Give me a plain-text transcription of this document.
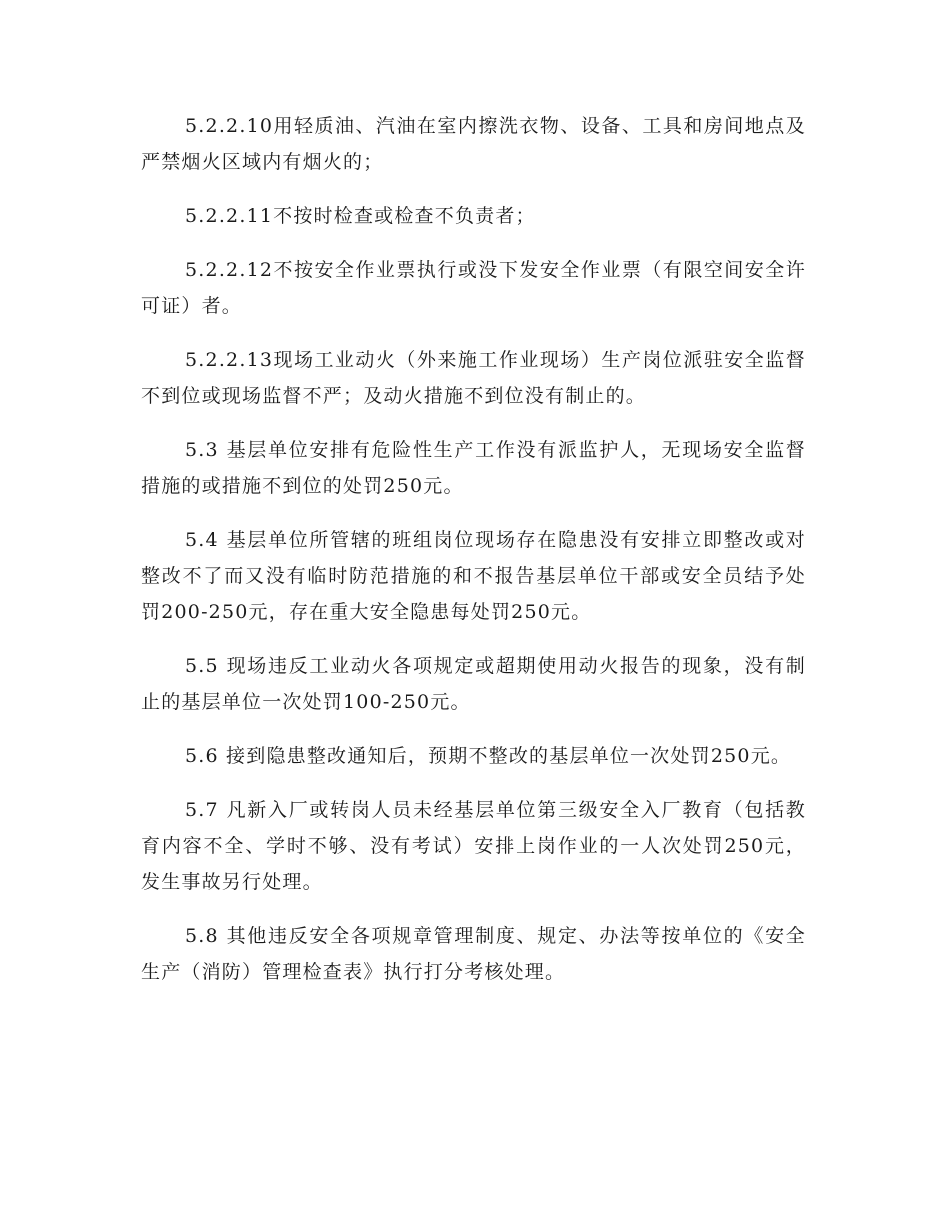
5.2.2.10用轻质油、汽油在室内擦洗衣物、设备、工具和房间地点及严禁烟火区域内有烟火的；

5.2.2.11不按时检查或检查不负责者；

5.2.2.12不按安全作业票执行或没下发安全作业票（有限空间安全许可证）者。

5.2.2.13现场工业动火（外来施工作业现场）生产岗位派驻安全监督不到位或现场监督不严；及动火措施不到位没有制止的。

5.3 基层单位安排有危险性生产工作没有派监护人，无现场安全监督措施的或措施不到位的处罚250元。

5.4 基层单位所管辖的班组岗位现场存在隐患没有安排立即整改或对整改不了而又没有临时防范措施的和不报告基层单位干部或安全员结予处罚200-250元，存在重大安全隐患每处罚250元。

5.5 现场违反工业动火各项规定或超期使用动火报告的现象，没有制止的基层单位一次处罚100-250元。

5.6 接到隐患整改通知后，预期不整改的基层单位一次处罚250元。

5.7 凡新入厂或转岗人员未经基层单位第三级安全入厂教育（包括教育内容不全、学时不够、没有考试）安排上岗作业的一人次处罚250元，发生事故另行处理。

5.8 其他违反安全各项规章管理制度、规定、办法等按单位的《安全生产（消防）管理检查表》执行打分考核处理。
